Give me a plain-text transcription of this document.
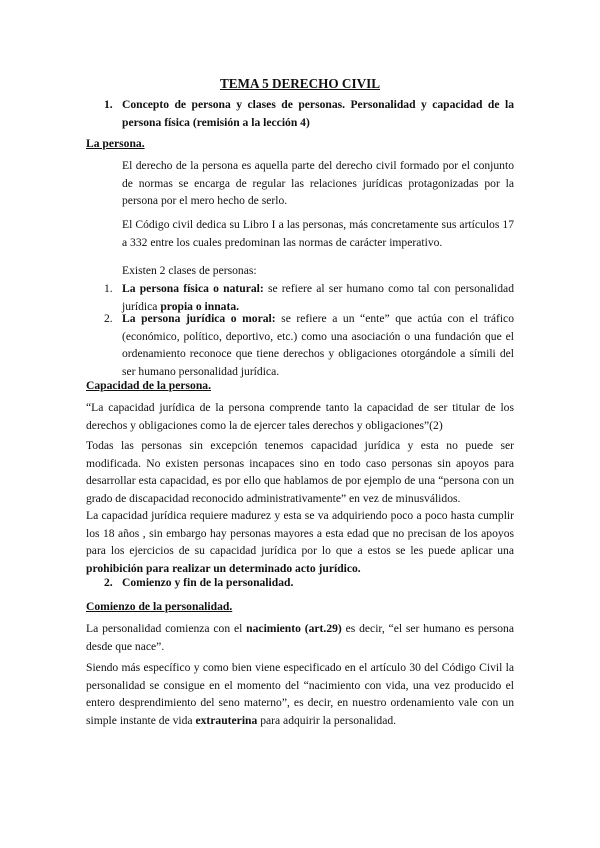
TEMA 5 DERECHO CIVIL
1. Concepto de persona y clases de personas. Personalidad y capacidad de la persona física (remisión a la lección 4)
La persona.
El derecho de la persona es aquella parte del derecho civil formado por el conjunto de normas se encarga de regular las relaciones jurídicas protagonizadas por la persona por el mero hecho de serlo.
El Código civil dedica su Libro I a las personas, más concretamente sus artículos 17 a 332 entre los cuales predominan las normas de carácter imperativo.
Existen 2 clases de personas:
1. La persona física o natural: se refiere al ser humano como tal con personalidad jurídica propia o innata.
2. La persona jurídica o moral: se refiere a un “ente” que actúa con el tráfico (económico, político, deportivo, etc.) como una asociación o una fundación que el ordenamiento reconoce que tiene derechos y obligaciones otorgándole a símili del ser humano personalidad jurídica.
Capacidad de la persona.
“La capacidad jurídica de la persona comprende tanto la capacidad de ser titular de los derechos y obligaciones como la de ejercer tales derechos y obligaciones”(2)
Todas las personas sin excepción tenemos capacidad jurídica y esta no puede ser modificada. No existen personas incapaces sino en todo caso personas sin apoyos para desarrollar esta capacidad, es por ello que hablamos de por ejemplo de una “persona con un grado de discapacidad reconocido administrativamente” en vez de minusválidos.
La capacidad jurídica requiere madurez y esta se va adquiriendo poco a poco hasta cumplir los 18 años , sin embargo hay personas mayores a esta edad que no precisan de los apoyos para los ejercicios de su capacidad jurídica por lo que a estos se les puede aplicar una prohibición para realizar un determinado acto jurídico.
2. Comienzo y fin de la personalidad.
Comienzo de la personalidad.
La personalidad comienza con el nacimiento (art.29) es decir, “el ser humano es persona desde que nace”.
Siendo más específico y como bien viene especificado en el artículo 30 del Código Civil la personalidad se consigue en el momento del “nacimiento con vida, una vez producido el entero desprendimiento del seno materno”, es decir, en nuestro ordenamiento vale con un simple instante de vida extrauterina para adquirir la personalidad.
